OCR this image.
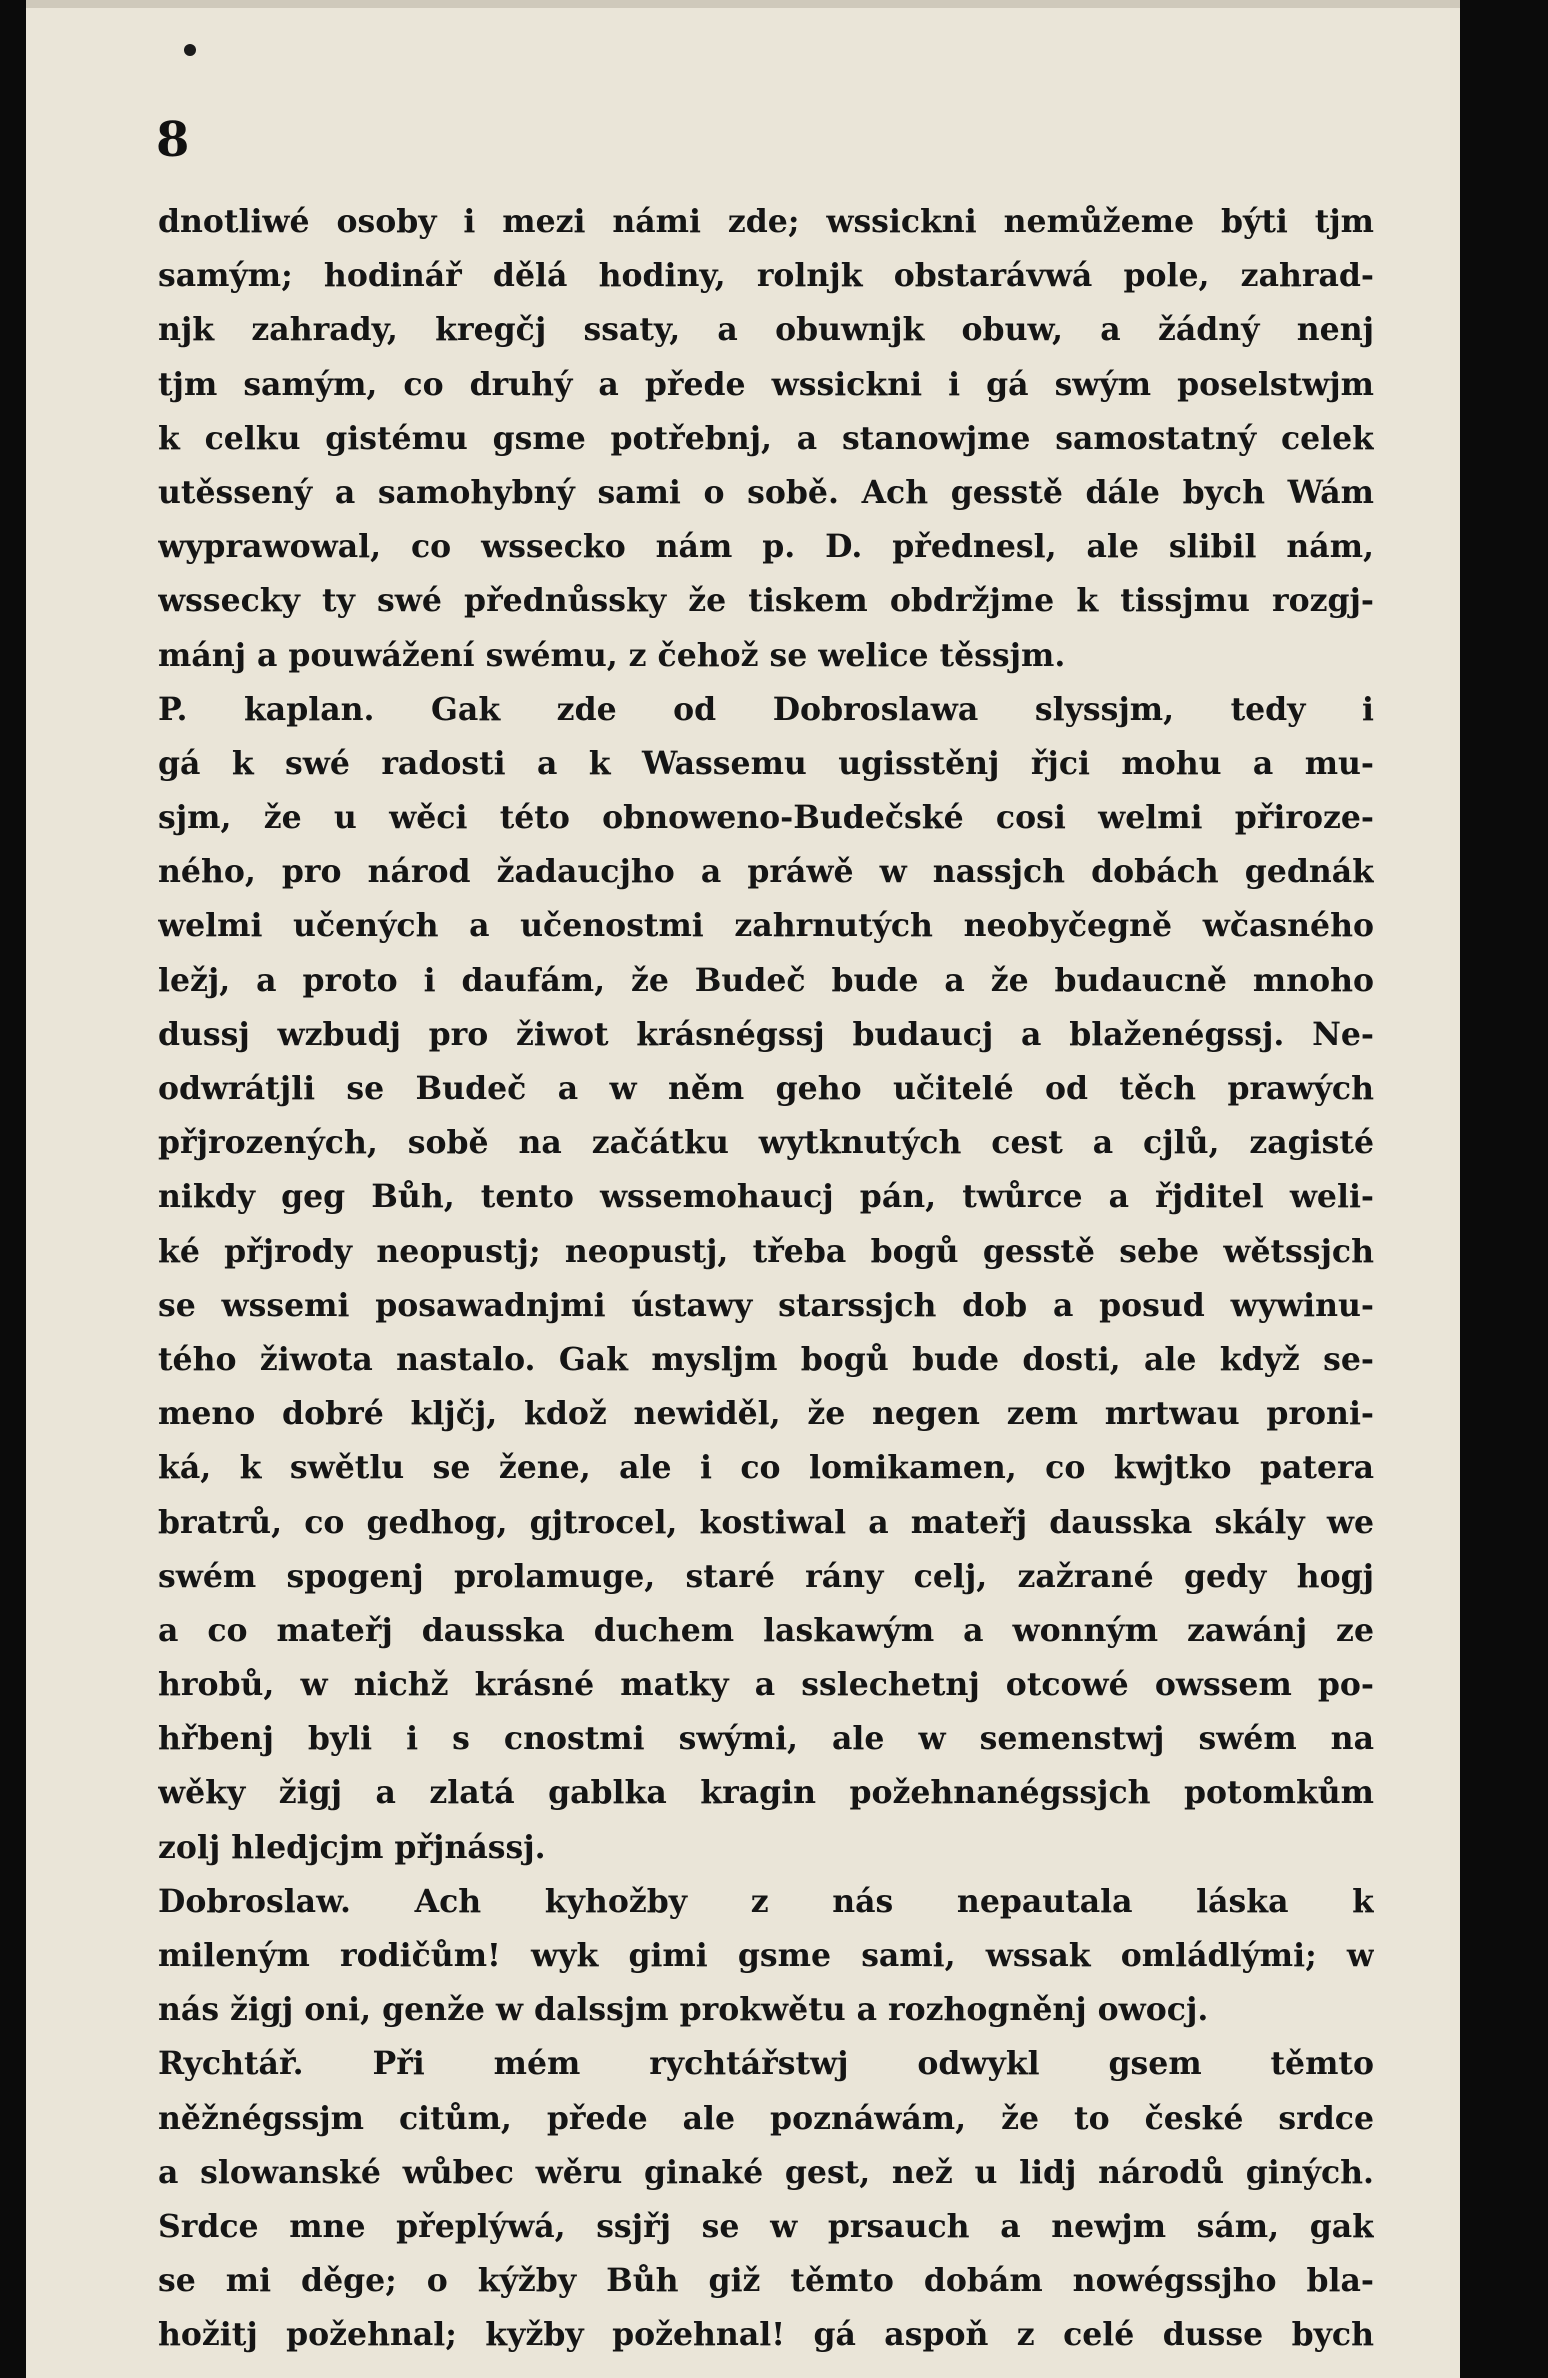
8
dnotliwé osoby i mezi námi zde; wssickni nemůžeme býti tjm
samým; hodinář dělá hodiny, rolnjk obstarávwá pole, zahrad-
njk zahrady, kregčj ssaty, a obuwnjk obuw, a žádný nenj
tjm samým, co druhý a přede wssickni i gá swým poselstwjm
k celku gistému gsme potřebnj, a stanowjme samostatný celek
utěssený a samohybný sami o sobě. Ach gesstě dále bych Wám
wyprawowal, co wssecko nám p. D. přednesl, ale slibil nám,
wssecky ty swé přednůssky že tiskem obdržjme k tissjmu rozgj-
mánj a pouwážení swému, z čehož se welice těssjm.
P. kaplan. Gak zde od Dobroslawa slyssjm, tedy i
gá k swé radosti a k Wassemu ugisstěnj řjci mohu a mu-
sjm, že u wěci této obnoweno-Budečské cosi welmi přiroze-
ného, pro národ žadaucjho a práwě w nassjch dobách gednák
welmi učených a učenostmi zahrnutých neobyčegně wčasného
ležj, a proto i daufám, že Budeč bude a že budaucně mnoho
dussj wzbudj pro žiwot krásnégssj budaucj a blaženégssj. Ne-
odwrátjli se Budeč a w něm geho učitelé od těch prawých
přjrozených, sobě na začátku wytknutých cest a cjlů, zagisté
nikdy geg Bůh, tento wssemohaucj pán, twůrce a řjditel weli-
ké přjrody neopustj; neopustj, třeba bogů gesstě sebe wětssjch
se wssemi posawadnjmi ústawy starssjch dob a posud wywinu-
tého žiwota nastalo. Gak myslјm bogů bude dosti, ale když se-
meno dobré kljčj, kdož newiděl, že negen zem mrtwau proni-
ká, k swětlu se žene, ale i co lomikamen, co kwjtko patera
bratrů, co gedhog, gjtrocel, kostiwal a mateřj dausska skály we
swém spogenj prolamuge, staré rány celj, zažrané gedy hogj
a co mateřj dausska duchem laskawým a wonným zawánj ze
hrobů, w nichž krásné matky a sslechetnj otcowé owssem po-
hřbenj byli i s cnostmi swými, ale w semenstwj swém na
wěky žigj a zlatá gablka kragin požehnanégssjch potomkům
zolj hledjcjm přjnássj.
Dobroslaw. Ach kyhožby z nás nepautala láska k
mileným rodičům! wyk gimi gsme sami, wssak omládlými; w
nás žigj oni, genže w dalssjm prokwětu a rozhogněnj owocj.
Rychtář. Při mém rychtářstwj odwykl gsem těmto
něžnégssjm citům, přede ale poznáwám, že to české srdce
a slowanské wůbec wěru ginaké gest, než u lidj národů giných.
Srdce mne přeplýwá, ssjřj se w prsauch a newjm sám, gak
se mi děge; o kýžby Bůh giž těmto dobám nowégssjho bla-
hožitj požehnal; kyžby požehnal! gá aspoň z celé dusse bych
